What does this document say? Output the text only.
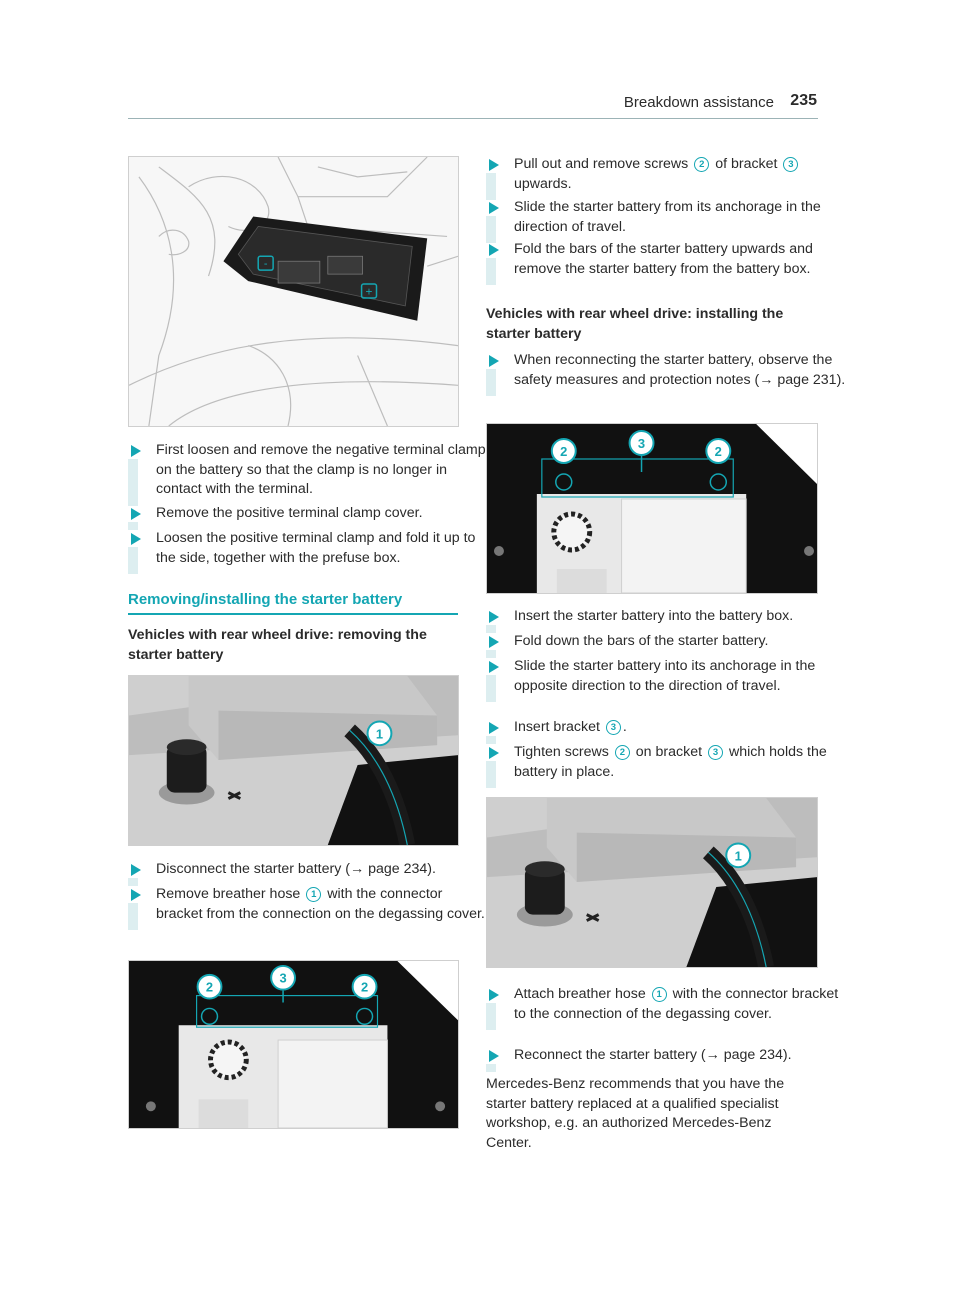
Breakdown assistance 235
-
+
First loosen and remove the negative terminal clamp on the battery so that the clamp is no longer in contact with the terminal.
Remove the positive terminal clamp cover.
Loosen the positive terminal clamp and fold it up to the side, together with the prefuse box.
Removing/installing the starter battery
Vehicles with rear wheel drive: removing the starter battery
1
Disconnect the starter battery (→ page 234).
Remove breather hose 1 with the connector bracket from the connection on the degassing cover.
2
3
2
Pull out and remove screws 2 of bracket 3 upwards.
Slide the starter battery from its anchorage in the direction of travel.
Fold the bars of the starter battery upwards and remove the starter battery from the battery box.
Vehicles with rear wheel drive: installing the starter battery
When reconnecting the starter battery, observe the safety measures and protection notes (→ page 231).
2
3
2
Insert the starter battery into the battery box.
Fold down the bars of the starter battery.
Slide the starter battery into its anchorage in the opposite direction to the direction of travel.
Insert bracket 3 .
Tighten screws 2 on bracket 3 which holds the battery in place.
1
Attach breather hose 1 with the connector bracket to the connection of the degassing cover.
Reconnect the starter battery (→ page 234).
Mercedes-Benz recommends that you have the starter battery replaced at a qualified specialist workshop, e.g. an authorized Mercedes-Benz Center.
